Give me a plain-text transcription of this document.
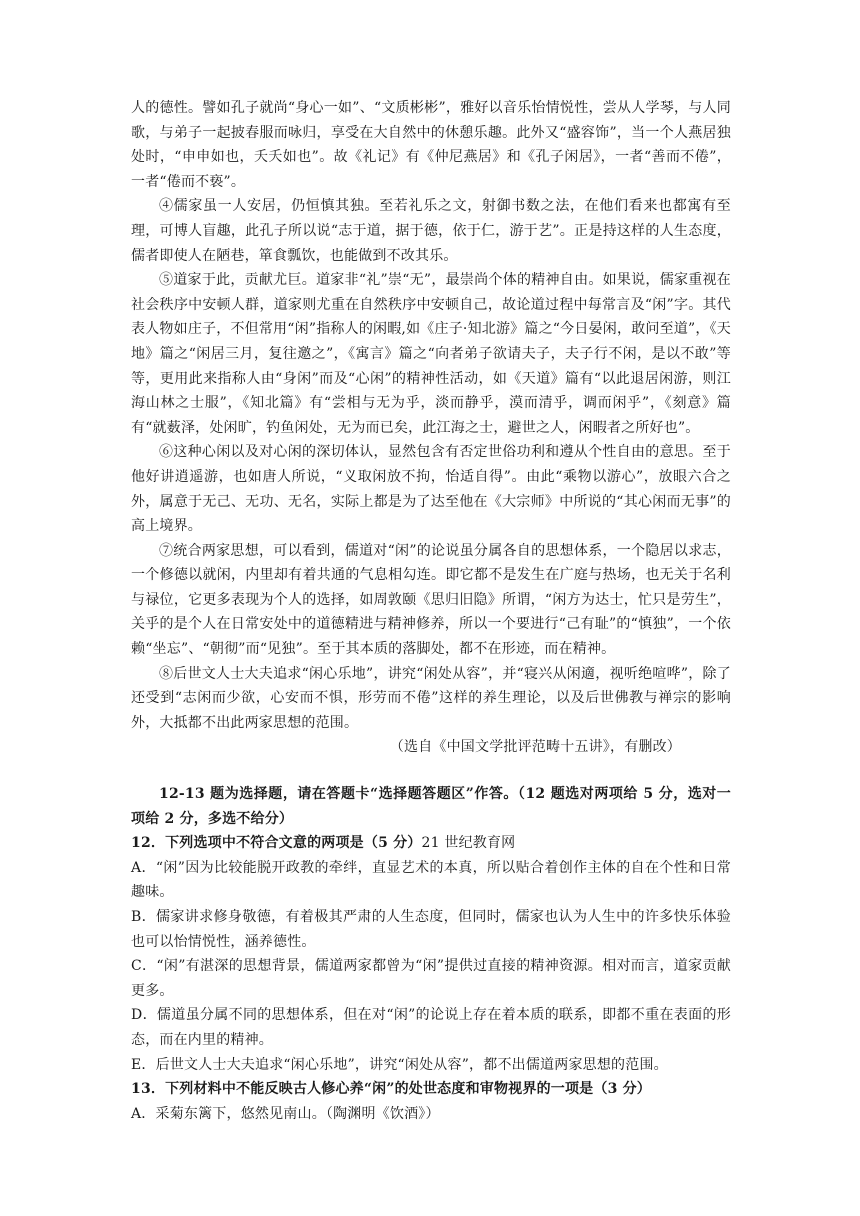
人的德性。譬如孔子就尚“身心一如”、“文质彬彬”，雅好以音乐怡情悦性，尝从人学琴，与人同歌，与弟子一起披春服而咏归，享受在大自然中的休憩乐趣。此外又“盛容饰”，当一个人燕居独处时，“申申如也，夭夭如也”。故《礼记》有《仲尼燕居》和《孔子闲居》，一者“善而不倦”，一者“倦而不亵”。

④儒家虽一人安居，仍恒慎其独。至若礼乐之文，射御书数之法，在他们看来也都寓有至理，可博人盲趣，此孔子所以说“志于道，据于德，依于仁，游于艺”。正是持这样的人生态度，儒者即使人在陋巷，箪食瓢饮，也能做到不改其乐。

⑤道家于此，贡献尤巨。道家非“礼”崇“无”，最崇尚个体的精神自由。如果说，儒家重视在社会秩序中安顿人群，道家则尤重在自然秩序中安顿自己，故论道过程中每常言及“闲”字。其代表人物如庄子，不但常用“闲”指称人的闲暇,如《庄子·知北游》篇之“今日晏闲，敢问至道”，《天地》篇之“闲居三月，复往邀之”，《寓言》篇之“向者弟子欲请夫子，夫子行不闲，是以不敢”等等，更用此来指称人由“身闲”而及“心闲”的精神性活动，如《天道》篇有“以此退居闲游，则江海山林之士服”，《知北篇》有“尝相与无为乎，淡而静乎，漠而清乎，调而闲乎”，《刻意》篇有“就薮泽，处闲旷，钓鱼闲处，无为而已矣，此江海之士，避世之人，闲暇者之所好也”。

⑥这种心闲以及对心闲的深切体认，显然包含有否定世俗功利和遵从个性自由的意思。至于他好讲逍遥游，也如唐人所说，“义取闲放不拘，怡适自得”。由此“乘物以游心”，放眼六合之外，属意于无己、无功、无名，实际上都是为了达至他在《大宗师》中所说的“其心闲而无事”的高上境界。

⑦统合两家思想，可以看到，儒道对“闲”的论说虽分属各自的思想体系，一个隐居以求志，一个修德以就闲，内里却有着共通的气息相勾连。即它都不是发生在广庭与热场，也无关于名利与禄位，它更多表现为个人的选择，如周敦颐《思归旧隐》所谓，“闲方为达士，忙只是劳生”，关乎的是个人在日常安处中的道德精进与精神修养，所以一个要进行“己有耻”的“慎独”，一个依赖“坐忘”、“朝彻”而“见独”。至于其本质的落脚处，都不在形迹，而在精神。

⑧后世文人士大夫追求“闲心乐地”，讲究“闲处从容”，并“寝兴从闲適，视听绝喧哗”，除了还受到“志闲而少欲，心安而不惧，形劳而不倦”这样的养生理论，以及后世佛教与禅宗的影响外，大抵都不出此两家思想的范围。

（选自《中国文学批评范畴十五讲》，有删改）

12-13 题为选择题，请在答题卡“选择题答题区”作答。（12 题选对两项给 5 分，选对一项给 2 分，多选不给分）

12．下列选项中不符合文意的两项是（5 分）21 世纪教育网

A．“闲”因为比较能脱开政教的牵绊，直显艺术的本真，所以贴合着创作主体的自在个性和日常趣味。

B．儒家讲求修身敬德，有着极其严肃的人生态度，但同时，儒家也认为人生中的许多快乐体验也可以怡情悦性，涵养德性。

C．“闲”有湛深的思想背景，儒道两家都曾为“闲”提供过直接的精神资源。相对而言，道家贡献更多。

D．儒道虽分属不同的思想体系，但在对“闲”的论说上存在着本质的联系，即都不重在表面的形态，而在内里的精神。

E．后世文人士大夫追求“闲心乐地”，讲究“闲处从容”，都不出儒道两家思想的范围。

13．下列材料中不能反映古人修心养“闲”的处世态度和审物视界的一项是（3 分）

A．采菊东篱下，悠然见南山。（陶渊明《饮酒》）
